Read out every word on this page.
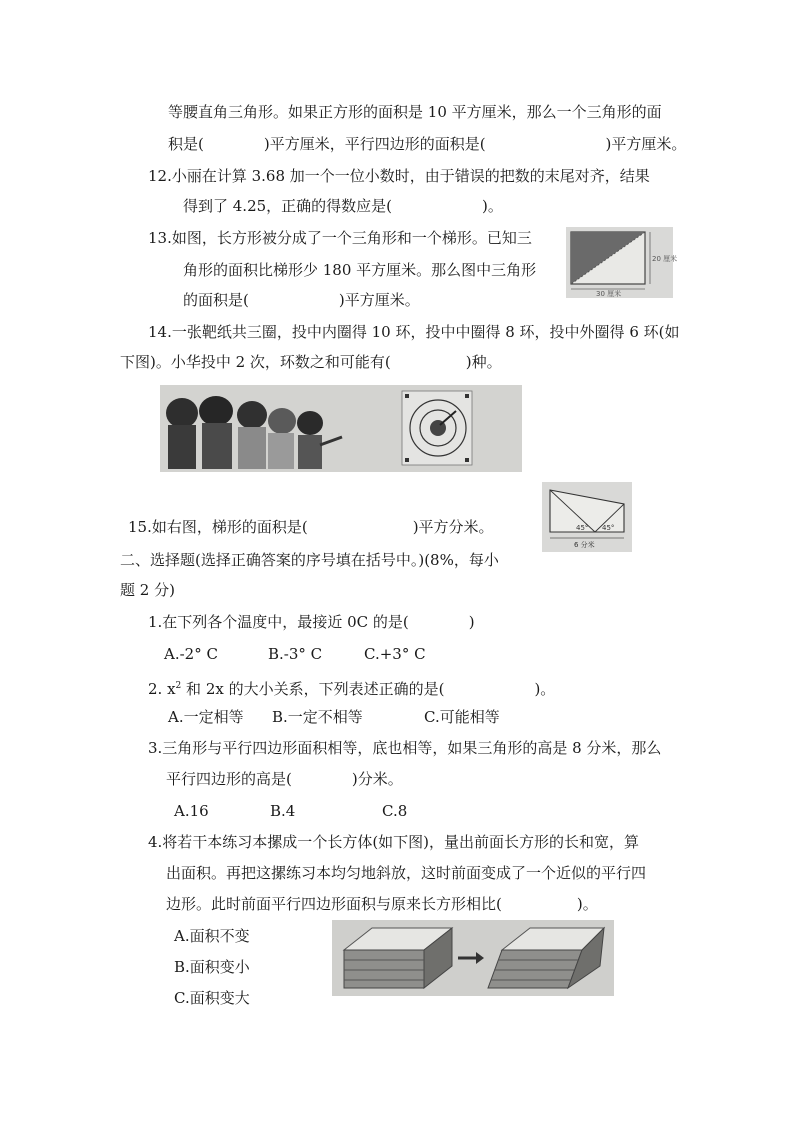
等腰直角三角形。如果正方形的面积是 10 平方厘米，那么一个三角形的面
积是(　　　　)平方厘米，平行四边形的面积是(　　　　　　　　)平方厘米。
12.小丽在计算 3.68 加一个一位小数时，由于错误的把数的末尾对齐，结果
得到了 4.25，正确的得数应是(　　　　　　)。
13.如图，长方形被分成了一个三角形和一个梯形。已知三
角形的面积比梯形少 180 平方厘米。那么图中三角形
的面积是(　　　　　　)平方厘米。
20 厘米
30 厘米
14.一张靶纸共三圈，投中内圈得 10 环，投中中圈得 8 环，投中外圈得 6 环(如
下图)。小华投中 2 次，环数之和可能有(　　　　　)种。
15.如右图，梯形的面积是(　　　　　　　)平方分米。	45° 45°
6 分米
二、选择题(选择正确答案的序号填在括号中。)(8%，每小
题 2 分)
1.在下列各个温度中，最接近 0C 的是(　　　　)
A.-2° C	B.-3° C	C.+3° C
2. $x^2$ 和 2x 的大小关系，下列表述正确的是(　　　　　　)。
A.一定相等 B.一定不相等	C.可能相等
3.三角形与平行四边形面积相等，底也相等，如果三角形的高是 8 分米，那么
平行四边形的高是(　　　　)分米。
A.16	B.4	C.8
4.将若干本练习本摞成一个长方体(如下图)，量出前面长方形的长和宽，算
出面积。再把这摞练习本均匀地斜放，这时前面变成了一个近似的平行四
边形。此时前面平行四边形面积与原来长方形相比(　　　　　)。
A.面积不变
B.面积变小
C.面积变大
